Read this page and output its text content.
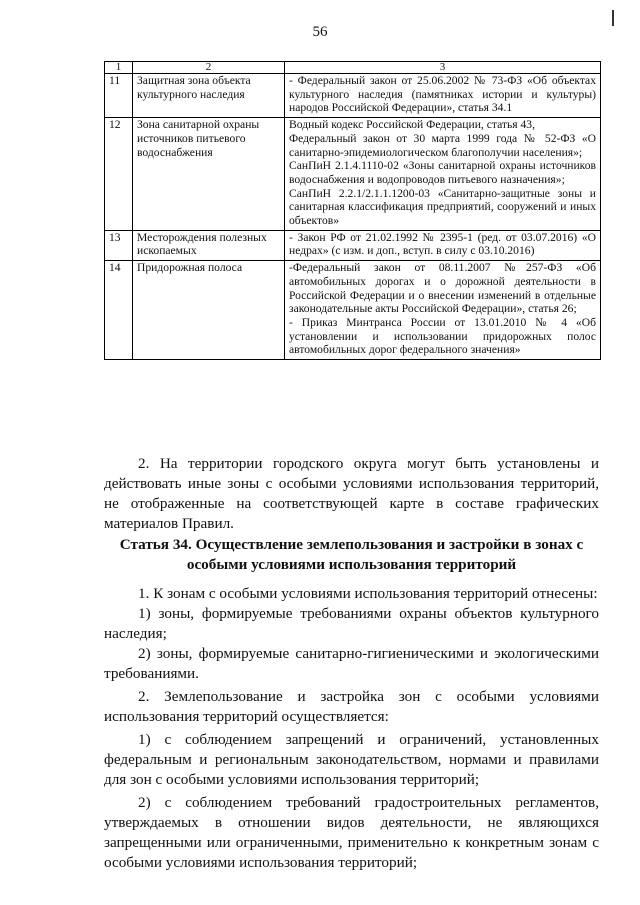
56
1	2	3
11	Защитная зона объекта культурного наследия	- Федеральный закон от 25.06.2002 № 73-ФЗ «Об объектах культурного наследия (памятниках истории и культуры) народов Российской Федерации», статья 34.1

12	Зона санитарной охраны источников питьевого водоснабжения	Водный кодекс Российской Федерации, статья 43,
Федеральный закон от 30 марта 1999 года № 52-ФЗ «О санитарно-эпидемиологическом благополучии населения»;
СанПиН 2.1.4.1110-02 «Зоны санитарной охраны источников водоснабжения и водопроводов питьевого назначения»;
СанПиН 2.2.1/2.1.1.1200-03 «Санитарно-защитные зоны и санитарная классификация предприятий, сооружений и иных объектов»

13	Месторождения полезных ископаемых	- Закон РФ от 21.02.1992 № 2395-1 (ред. от 03.07.2016) «О недрах» (с изм. и доп., вступ. в силу с 03.10.2016)

14	Придорожная полоса	-Федеральный закон от 08.11.2007 №257-ФЗ «Об автомобильных дорогах и о дорожной деятельности в Российской Федерации и о внесении изменений в отдельные законодательные акты Российской Федерации», статья 26;
- Приказ Минтранса России от 13.01.2010 № 4 «Об установлении и использовании придорожных полос автомобильных дорог федерального значения»

2. На территории городского округа могут быть установлены и действовать иные зоны с особыми условиями использования территорий, не отображенные на соответствующей карте в составе графических материалов Правил.

Статья 34. Осуществление землепользования и застройки в зонах с особыми условиями использования территорий

1. К зонам с особыми условиями использования территорий отнесены:

1) зоны, формируемые требованиями охраны объектов культурного наследия;

2) зоны, формируемые санитарно-гигиеническими и экологическими требованиями.

2. Землепользование и застройка зон с особыми условиями использования территорий осуществляется:

1) с соблюдением запрещений и ограничений, установленных федеральным и региональным законодательством, нормами и правилами для зон с особыми условиями использования территорий;

2) с соблюдением требований градостроительных регламентов, утверждаемых в отношении видов деятельности, не являющихся запрещенными или ограниченными, применительно к конкретным зонам с особыми условиями использования территорий;
